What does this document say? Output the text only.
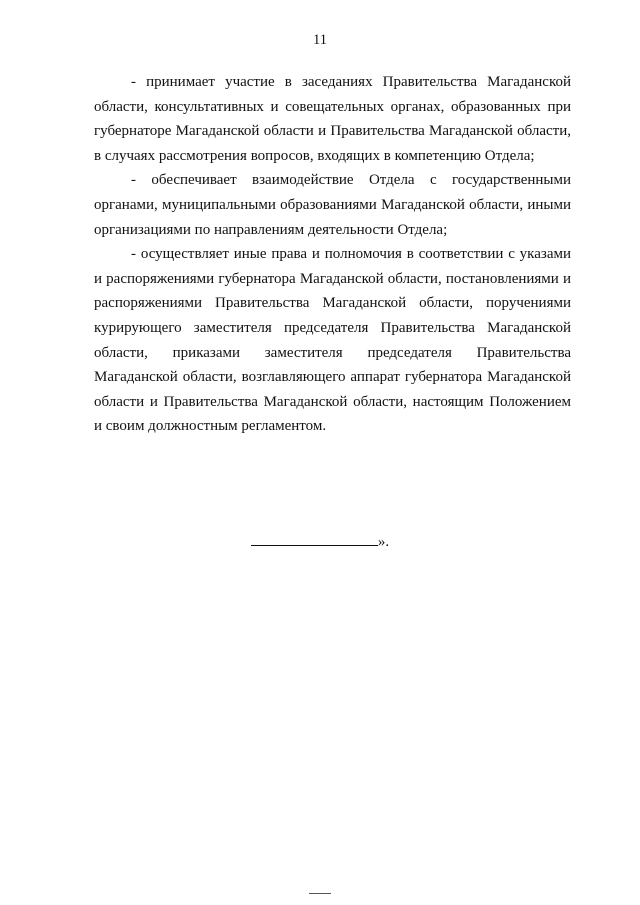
11

- принимает участие в заседаниях Правительства Магаданской области, консультативных и совещательных органах, образованных при губернаторе Магаданской области и Правительства Магаданской области, в случаях рассмотрения вопросов, входящих в компетенцию Отдела;

- обеспечивает взаимодействие Отдела с государственными органами, муниципальными образованиями Магаданской области, иными организациями по направлениям деятельности Отдела;

- осуществляет иные права и полномочия в соответствии с указами и распоряжениями губернатора Магаданской области, постановлениями и распоряжениями Правительства Магаданской области, поручениями курирующего заместителя председателя Правительства Магаданской области, приказами заместителя председателя Правительства Магаданской области, возглавляющего аппарат губернатора Магаданской области и Правительства Магаданской области, настоящим Положением и своим должностным регламентом.

».
